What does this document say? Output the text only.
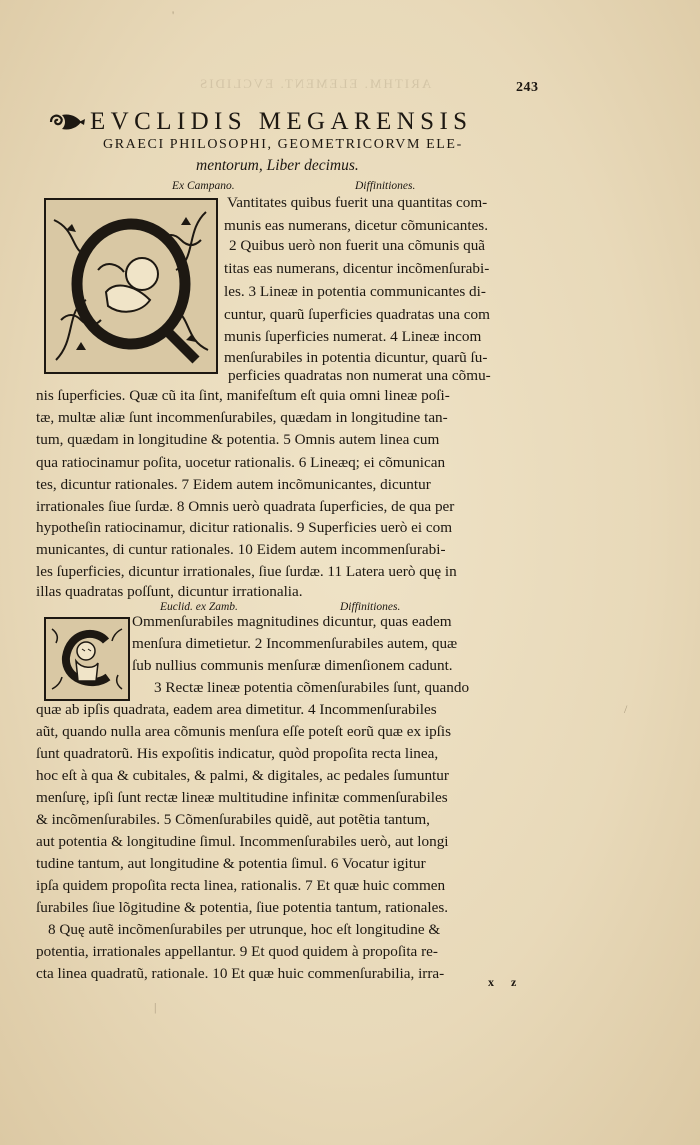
ARITHM. ELEMENT. EVCLIDIS	243
EVCLIDIS MEGARENSIS
GRAECI PHILOSOPHI, GEOMETRICORVM ELE-
mentorum, Liber decimus.
Ex Campano.	Diffinitiones.
Vantitates quibus fuerit una quantitas com-
munis eas numerans, dicetur cõmunicantes.
2 Quibus uerò non fuerit una cõmunis quã
titas eas numerans, dicentur incõmenſurabi-
les. 3 Lineæ in potentia communicantes di-
cuntur, quarũ ſuperficies quadratas una com
munis ſuperficies numerat. 4 Lineæ incom
menſurabiles in potentia dicuntur, quarũ ſu-
perficies quadratas non numerat una cõmu-
nis ſuperficies. Quæ cũ ita ſint, manifeſtum eſt quia omni lineæ poſi-
tæ, multæ aliæ ſunt incommenſurabiles, quædam in longitudine tan-
tum, quædam in longitudine & potentia. 5 Omnis autem linea cum
qua ratiocinamur poſita, uocetur rationalis. 6 Lineæq; ei cõmunican
tes, dicuntur rationales. 7 Eidem autem incõmunicantes, dicuntur
irrationales ſiue ſurdæ. 8 Omnis uerò quadrata ſuperficies, de qua per
hypotheſin ratiocinamur, dicitur rationalis. 9 Superficies uerò ei com
municantes, di cuntur rationales. 10 Eidem autem incommenſurabi-
les ſuperficies, dicuntur irrationales, ſiue ſurdæ. 11 Latera uerò quę in
illas quadratas poſſunt, dicuntur irrationalia.
Euclid. ex Zamb.	Diffinitiones.
Ommenſurabiles magnitudines dicuntur, quas eadem
menſura dimetietur. 2 Incommenſurabiles autem, quæ
ſub nullius communis menſuræ dimenſionem cadunt.
3 Rectæ lineæ potentia cõmenſurabiles ſunt, quando
quæ ab ipſis quadrata, eadem area dimetitur. 4 Incommenſurabiles
aũt, quando nulla area cõmunis menſura eſſe poteſt eorũ quæ ex ipſis
ſunt quadratorũ. His expoſitis indicatur, quòd propoſita recta linea,
hoc eſt à qua & cubitales, & palmi, & digitales, ac pedales ſumuntur
menſurę, ipſi ſunt rectæ lineæ multitudine infinitæ commenſurabiles
& incõmenſurabiles. 5 Cõmenſurabiles quidẽ, aut potẽtia tantum,
aut potentia & longitudine ſimul. Incommenſurabiles uerò, aut longi
tudine tantum, aut longitudine & potentia ſimul. 6 Vocatur igitur
ipſa quidem propoſita recta linea, rationalis. 7 Et quæ huic commen
ſurabiles ſiue lõgitudine & potentia, ſiue potentia tantum, rationales.
8 Quę autẽ incõmenſurabiles per utrunque, hoc eſt longitudine &
potentia, irrationales appellantur. 9 Et quod quidem à propoſita re-
cta linea quadratũ, rationale. 10 Et quæ huic commenſurabilia, irra-	x z
'
|
/
